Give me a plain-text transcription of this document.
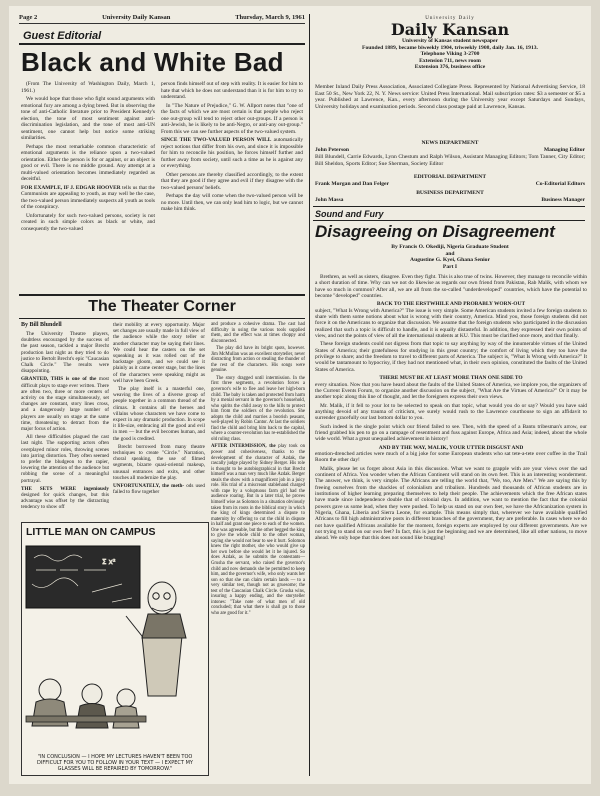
Page 2	University Daily Kansan	Thursday, March 9, 1961
Guest Editorial
Black and White Bad

(From The University of Washington Daily, March 1, 1961.)

We would hope that those who fight sound arguments with emotional fury are among a dying breed. But in observing the tone of anti-Catholic literature prior to President Kennedy's election, the tone of most sentiment against anti-discrimination legislation, and the tone of most anti-UN sentiment, one cannot help but notice some striking similarities.

Perhaps the most remarkable common characteristic of emotional arguments is the reliance upon a two-valued orientation. Either the person is for or against, or an object is good or evil. There is no middle ground. Any attempt at a multi-valued orientation becomes immediately regarded as deceitful.

FOR EXAMPLE, IF J. EDGAR HOOVER tells us that the Communists are appealing to youth, as may well be the case, the two-valued person immediately suspects all youth as tools of the conspiracy.

Unfortunately for such two-valued persons, society is not created in such simple colors as black or white, and consequently the two-valued

person finds himself out of step with reality. It is easier for him to hate that which he does not understand than it is for him to try to understand.

In "The Nature of Prejudice," G. W. Allport notes that "one of the facts of which we are most certain is that people who reject one out-group will tend to reject other out-groups. If a person is anti-Jewish, he is likely to be anti-Negro, or anti-any out-group." From this we can see further aspects of the two-valued system.

SINCE THE TWO-VALUED PERSON WILL automatically reject notions that differ from his own, and since it is impossible for him to reconcile his position, he forces himself further and further away from society, until such a time as he is against any or everything.

Other persons are thereby classified accordingly, to the extent that they are good if they agree and evil if they disagree with the two-valued persons' beliefs.

Perhaps the day will come when the two-valued person will be no more. Until then, we can only lead him to logic, but we cannot make him think.

University Daily
Daily Kansan
University of Kansas student newspaper
Founded 1889, became biweekly 1904, triweekly 1908, daily Jan. 16, 1913.
Telephone Viking 3-2700
Extension 711, news room
Extension 376, business office
Member Inland Daily Press Association, Associated Collegiate Press. Represented by National Advertising Service, 18 East 50 St., New York 22, N. Y. News service: United Press International. Mail subscription rates: $3 a semester or $5 a year. Published at Lawrence, Kan., every afternoon during the University year except Saturdays and Sundays, University holidays and examination periods. Second class postage paid at Lawrence, Kansas.
NEWS DEPARTMENT
John Peterson	Managing Editor
Bill Blundell, Carrie Edwards, Lynn Chestum and Ralph Wilson, Assistant Managing Editors; Tom Tanner, City Editor; Bill Sheldon, Sports Editor; Sue Sherman, Society Editor
EDITORIAL DEPARTMENT
Frank Morgan and Dan Felger	Co-Editorial Editors
BUSINESS DEPARTMENT
John Massa	Business Manager
Sound and Fury
Disagreeing on Disagreement
By Francis O. Okediji, Nigeria Graduate Student
and
Augustine G. Kyei, Ghana Senior
Part I

Brethren, as well as sisters, disagree. Even they fight. This is also true of twins. However, they manage to reconcile within a short duration of time. Why can we not do likewise as regards our own friend from Pakistan, Rab Malik, with whom we have so much in common? After all, we are all from the so-called "underdeveloped" countries, which have the potential to become "developed" countries.

BACK TO THE ERSTWHILE AND PROBABLY WORN-OUT

subject, "What Is Wrong with America?" The issue is very simple. Some American students invited a few foreign students to share with them some notions about what is wrong with their country, America. Mind you, those foreign students did not force it on the Americans to organize that discussion. We assume that the foreign students who participated in the discussion realized that such a topic is difficult to handle, and it is equally distasteful. In addition, they expressed their own points of view, and not the points of view of all the international students at KU. This must be clarified once more, and that finally.

These foreign students could not digress from that topic to say anything by way of the innumerable virtues of the United States of America; their gratefulness for studying in this great country; the comfort of living which they too have the privilege to share; and the freedom to travel to different parts of America. The subject is, "What Is Wrong with America?" It would be tantamount to hypocrisy, if they had not mentioned what, in their own opinion, constituted the faults of the United States of America.

THERE MUST BE AT LEAST MORE THAN ONE SIDE TO

every situation. Now that you have heard about the faults of the United States of America, we implore you, the organizers of the Current Events Forum, to organize another discussion on the subject, "What Are the Virtues of America?" Or it may be another topic along this line of thought, and let the foreigners express their own views.

Mr. Malik, if it fell to your lot to be selected to speak on that topic, what would you do or say? Would you have said anything devoid of any trauma of criticism, we surely would rush to the Lawrence courthouse to sign an affidavit to surrender gracefully our last bottom dollar to you.

Such indeed is the single point which our friend failed to see. Then, with the speed of a Bantu tribesman's arrow, our friend grabbed his pen to go on a rampage of resentment and fuss against Europe, Africa and Asia; indeed, about the whole wide world. What a great unequalled achievement in history!

AND BY THE WAY, MALIK, YOUR UTTER DISGUST AND

emotion-drenched articles were much of a big joke for some European students who sat tete-a-tete over coffee in the Trail Room the other day!

Malik, please let us forget about Asia in this discussion. What we want to grapple with are your views over the sad continent of Africa. You wonder when the African Continent will stand on its own feet. This is an interesting wonderment. The answer, we think, is very simple. The Africans are telling the world that, "We, too, Are Men." We are saying this by freeing ourselves from the shackles of colonialism and tribalism. Hundreds and thousands of African students are in institutions of higher learning preparing themselves to help their people. The achievements which the free African states have made since independence double that of colonial days. In addition, we want to mention the fact that the colonial powers gave us some lead, when they were pushed. To help us stand on our own feet, we have the Africanization system in Nigeria, Ghana, Liberia and Sierra Leone, for example. This means simply that, wherever we have available qualified Africans to fill high administrative posts in different branches of the government, they are preferable. In cases where we do not have qualified Africans available for the moment, foreign experts are employed by our different governments. Are we not trying to stand on our own feet? In fact, this is just the beginning and we are determined, like all other nations, to move ahead. We only hope that this does not sound like bragging!

The Theater Corner
By Bill Blundell

The University Theatre players, doubtless encouraged by the success of the past season, tackled a major Brecht production last night as they tried to do justice to Bertolt Brecht's epic "Caucasian Chalk Circle." The results were disappointing.

GRANTED, THIS is one of the most difficult plays to stage ever written. There are often two, three or more centers of activity on the stage simultaneously, set changes are constant, story lines cross, and a dangerously large number of players are usually on stage at the same time, threatening to detract from the major focus of action.

All these difficulties plagued the cast last night. The supporting actors often overplayed minor roles, throwing scenes into jarring distortion. They often seemed to prefer the bludgeon to the rapier, lowering the attention of the audience but robbing the scene of a meaningful portrayal.

THE SETS WERE ingeniously designed for quick changes, but this advantage was offset by the distracting tendency to show off

their mobility at every opportunity. Major set changes are usually made in full view of the audience while the story teller or another character may be saying their lines. We could hear the casters on the set squeaking as it was rolled out of the backstage gloom, and we could see it plainly as it came center stage, but the lines of the characters were speaking might as well have been Greek.

The play itself is a masterful one, weaving the lives of a diverse group of people together in a common thread of the climax. It contains all the heroes and villains whose characters we have come to expect in any dramatic production. In scope it life-size, embracing all the good and evil in men — but the evil becomes human, and the good is credited.

Brecht borrowed from many theatre techniques to create "Circle." Narration, choral speaking, the use of filmed segments, bizarre quasi-oriental makeup, unusual entrances and exits, and other touches all modernize the play.

UNFORTUNATELY, the meth- ods used failed to flow together

and produce a cohesive drama. The cast had difficulty in using the various tools supplied them, and the effect was at times choppy and disconnected.

The play did have its bright spots, however. Jim McMullan was an excellent storyteller, never distracting from action or stealing the thunder of the rest of the characters. His songs were genuine.

The story dragged until intermission. In the first three segments, a revolution forces a governor's wife to flee and leave her high-born child. The baby is taken and protected from harm by a menial servant in the governor's household, who spirits the child away to the hills to protect him from the soldiers of the revolution. She adopts the child and marries a boorish peasant, well-played by Robin Cantor. At last the soldiers find the child and bring him back to the capital, where a counter-revolution has re-established the old ruling class.

AFTER INTERMISSION, the play took on power and cohesiveness, thanks to the development of the character of Azdak, the rascally judge played by Sidney Berger. His role is thought to be autobiographical in that Brecht himself was a man very much like Azdak. Berger steals the show with a magnificent job in a juicy role. His trial of a miscreant stablehand charged with rape by a voluptuous farm girl had the audience roaring. But in a later trial, he proves himself wise as Solomon in a situation obviously taken from its roots in the biblical story in which the king of kings determined a dispute to maternity by offering to cut the child in dispute in half and grant one piece to each of the women. One was agreeable, but the other begged the king to give the whole child to the other woman, saying she would not bear to see it hurt. Solomon knew the right mother, she who would give up her own before she would let it be injured. So does Azdak, as he submits the contestants—Grusha the servant, who raised the governor's child and now demands she be permitted to keep him, and the governor's wife, who only wants her son so that she can claim certain lands — to a very similar test, though not as gruesome; the test of the Caucasian Chalk Circle. Grusha wins, insuring a happy ending, and the storyteller intones: "Take note of what men of old concluded; that what there is shall go to those who are good for it."

LITTLE MAN ON CAMPUS
Σ x²
"IN CONCLUSION — I HOPE MY LECTURES HAVEN'T BEEN TOO DIFFICULT FOR YOU TO FOLLOW IN YOUR TEXT — I EXPECT MY GLASSES WILL BE REPAIRED BY TOMORROW."
